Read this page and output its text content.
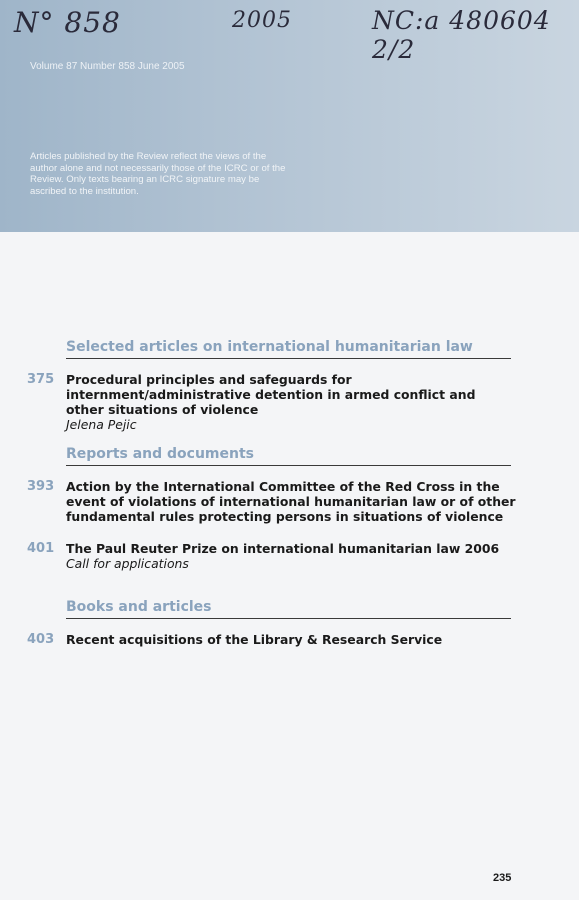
N° 858	2005	NC:a 480604 2/2
Volume 87 Number 858 June 2005
Articles published by the Review reflect the views of the author alone and not necessarily those of the ICRC or of the Review. Only texts bearing an ICRC signature may be ascribed to the institution.
Selected articles on international humanitarian law
375 Procedural principles and safeguards for internment/administrative detention in armed conflict and other situations of violence
Jelena Pejic
Reports and documents
393 Action by the International Committee of the Red Cross in the event of violations of international humanitarian law or of other fundamental rules protecting persons in situations of violence
401 The Paul Reuter Prize on international humanitarian law 2006
Call for applications
Books and articles
403 Recent acquisitions of the Library & Research Service
235
